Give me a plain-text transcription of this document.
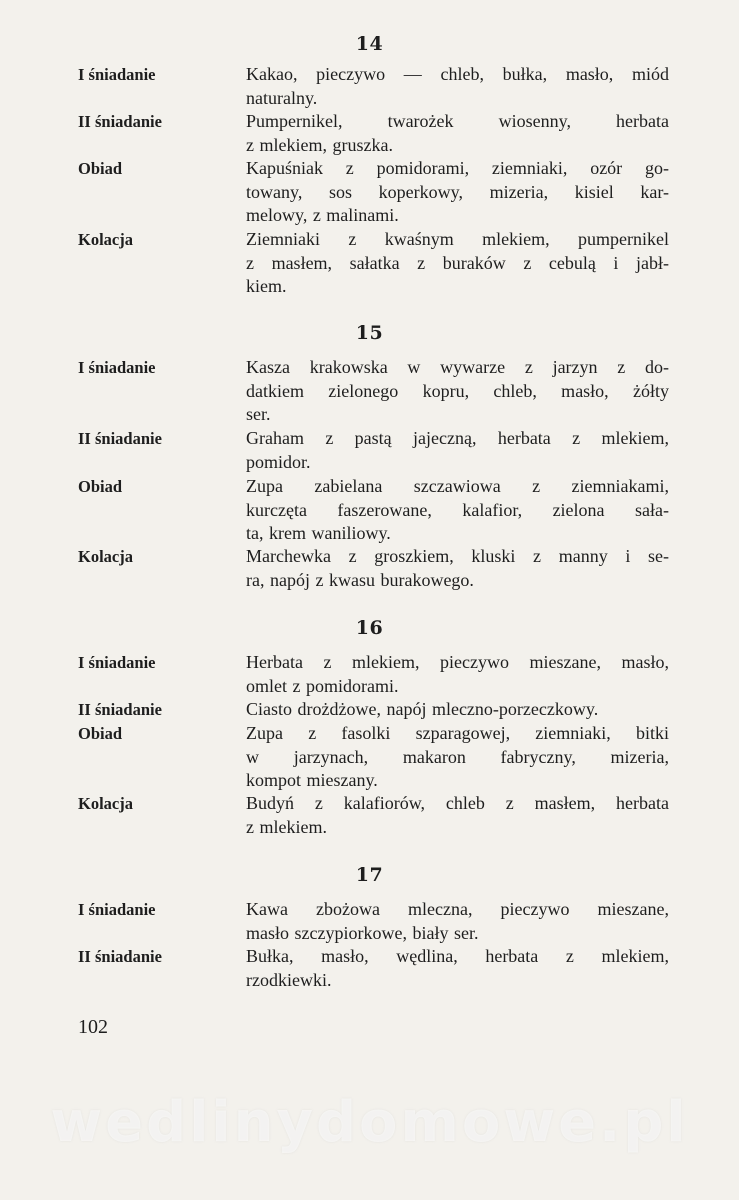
14
I śniadanie	Kakao, pieczywo — chleb, bułka, masło, miód
naturalny.
II śniadanie	Pumpernikel, twarożek wiosenny, herbata
z mlekiem, gruszka.
Obiad	Kapuśniak z pomidorami, ziemniaki, ozór go-
towany, sos koperkowy, mizeria, kisiel kar-
melowy, z malinami.
Kolacja	Ziemniaki z kwaśnym mlekiem, pumpernikel
z masłem, sałatka z buraków z cebulą i jabł-
kiem.
15
I śniadanie	Kasza krakowska w wywarze z jarzyn z do-
datkiem zielonego kopru, chleb, masło, żółty
ser.
II śniadanie	Graham z pastą jajeczną, herbata z mlekiem,
pomidor.
Obiad	Zupa zabielana szczawiowa z ziemniakami,
kurczęta faszerowane, kalafior, zielona sała-
ta, krem waniliowy.
Kolacja	Marchewka z groszkiem, kluski z manny i se-
ra, napój z kwasu burakowego.
16
I śniadanie	Herbata z mlekiem, pieczywo mieszane, masło,
omlet z pomidorami.
II śniadanie	Ciasto drożdżowe, napój mleczno-porzeczkowy.
Obiad	Zupa z fasolki szparagowej, ziemniaki, bitki
w jarzynach, makaron fabryczny, mizeria,
kompot mieszany.
Kolacja	Budyń z kalafiorów, chleb z masłem, herbata
z mlekiem.
17
I śniadanie	Kawa zbożowa mleczna, pieczywo mieszane,
masło szczypiorkowe, biały ser.
II śniadanie	Bułka, masło, wędlina, herbata z mlekiem,
rzodkiewki.
102
wedlinydomowe.pl
